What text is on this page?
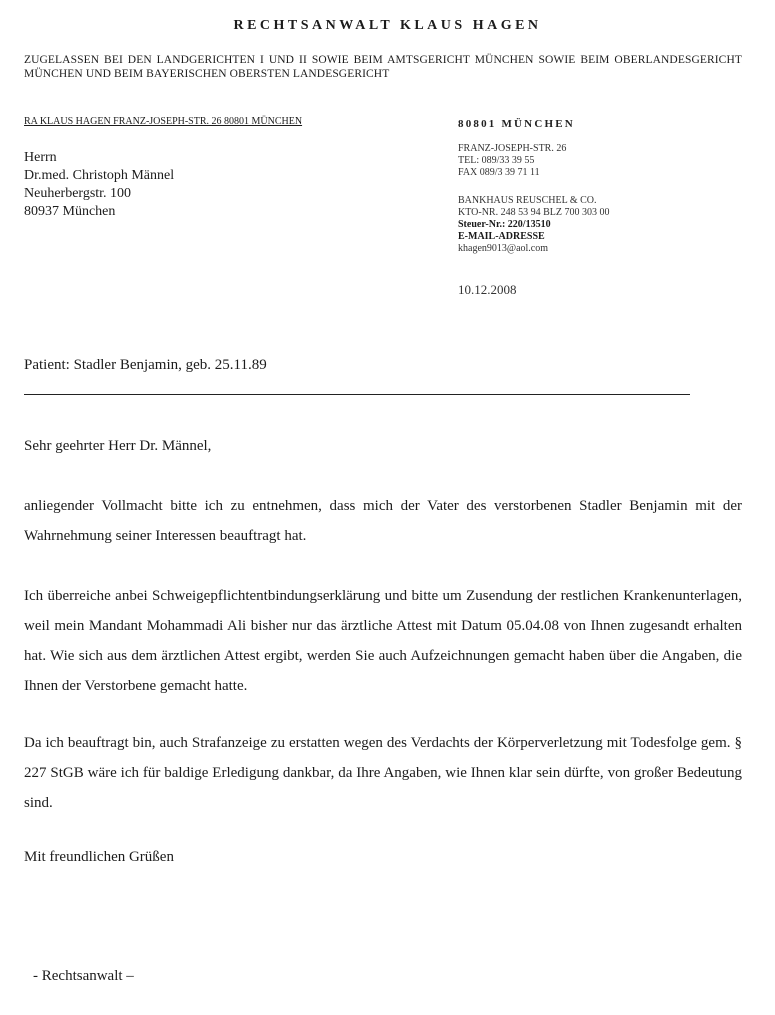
RECHTSANWALT KLAUS HAGEN
ZUGELASSEN BEI DEN LANDGERICHTEN I UND II SOWIE BEIM AMTSGERICHT MÜNCHEN SOWIE BEIM OBERLANDESGERICHT MÜNCHEN UND BEIM BAYERISCHEN OBERSTEN LANDESGERICHT
RA KLAUS HAGEN FRANZ-JOSEPH-STR. 26 80801 MÜNCHEN
Herrn
Dr.med. Christoph Männel
Neuherbergstr. 100
80937 München
80801 MÜNCHEN
FRANZ-JOSEPH-STR. 26
TEL: 089/33 39 55
FAX 089/3 39 71 11
BANKHAUS REUSCHEL & CO.
KTO-NR. 248 53 94 BLZ 700 303 00
Steuer-Nr.: 220/13510
E-MAIL-ADRESSE
khagen9013@aol.com
10.12.2008
Patient: Stadler Benjamin, geb. 25.11.89
Sehr geehrter Herr Dr. Männel,
anliegender Vollmacht bitte ich zu entnehmen, dass mich der Vater des verstorbenen Stadler Benjamin mit der Wahrnehmung seiner Interessen beauftragt hat.
Ich überreiche anbei Schweigepflichtentbindungserklärung und bitte um Zusendung der restlichen Krankenunterlagen, weil mein Mandant Mohammadi Ali bisher nur das ärztliche Attest mit Datum 05.04.08 von Ihnen zugesandt erhalten hat. Wie sich aus dem ärztlichen Attest ergibt, werden Sie auch Aufzeichnungen gemacht haben über die Angaben, die Ihnen der Verstorbene gemacht hatte.
Da ich beauftragt bin, auch Strafanzeige zu erstatten wegen des Verdachts der Körperverletzung mit Todesfolge gem. § 227 StGB wäre ich für baldige Erledigung dankbar, da Ihre Angaben, wie Ihnen klar sein dürfte, von großer Bedeutung sind.
Mit freundlichen Grüßen
- Rechtsanwalt –
